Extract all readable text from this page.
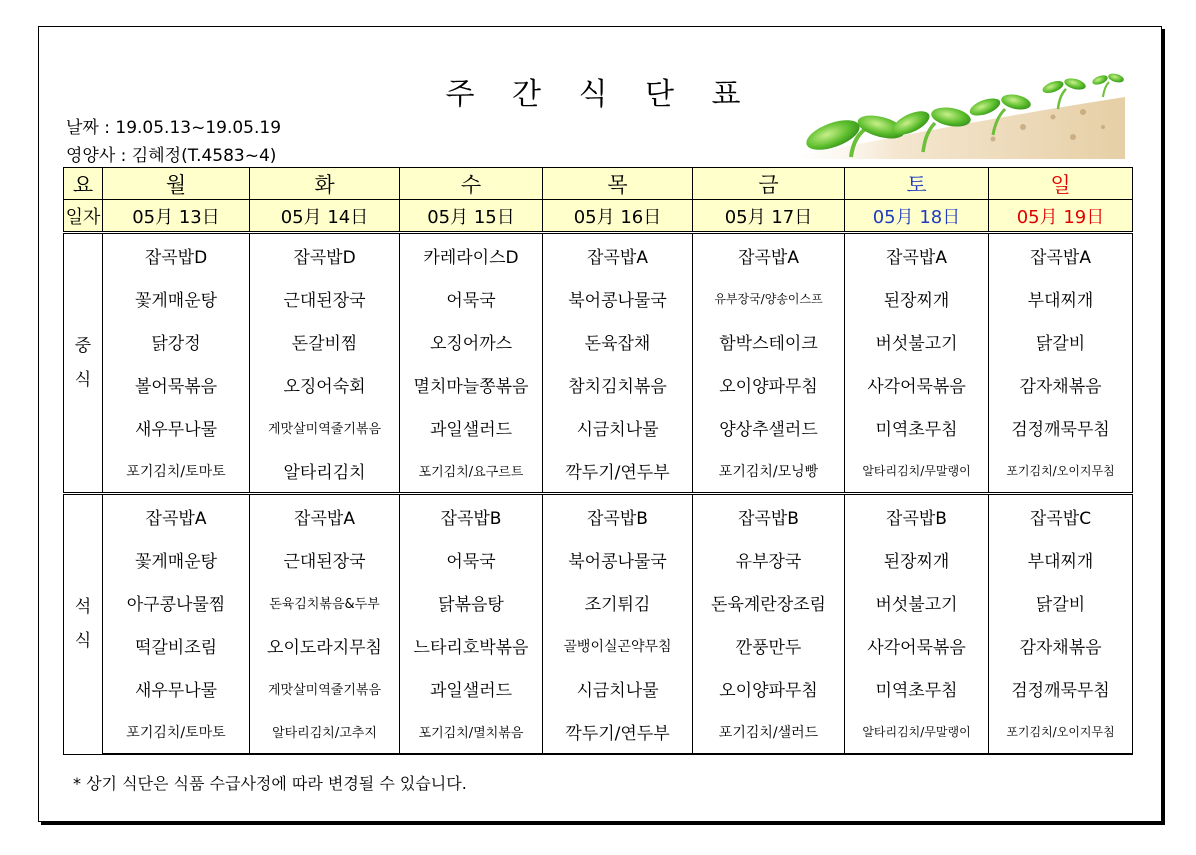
주 간 식 단 표
날짜 : 19.05.13~19.05.19
영양사 : 김혜정(T.4583~4)
요	월	화	수	목	금	토	일
일자	05月 13日	05月 14日	05月 15日	05月 16日	05月 17日	05月 18日	05月 19日
중
식	잡곡밥D	잡곡밥D	카레라이스D	잡곡밥A	잡곡밥A	잡곡밥A	잡곡밥A
	꽃게매운탕	근대된장국	어묵국	북어콩나물국	유부장국/양송이스프	된장찌개	부대찌개
	닭강정	돈갈비찜	오징어까스	돈육잡채	함박스테이크	버섯불고기	닭갈비
	볼어묵볶음	오징어숙회	멸치마늘쫑볶음	참치김치볶음	오이양파무침	사각어묵볶음	감자채볶음
	새우무나물	게맛살미역줄기볶음	과일샐러드	시금치나물	양상추샐러드	미역초무침	검정깨묵무침
	포기김치/토마토	알타리김치	포기김치/요구르트	깍두기/연두부	포기김치/모닝빵	알타리김치/무말랭이	포기김치/오이지무침
석
식	잡곡밥A	잡곡밥A	잡곡밥B	잡곡밥B	잡곡밥B	잡곡밥B	잡곡밥C
	꽃게매운탕	근대된장국	어묵국	북어콩나물국	유부장국	된장찌개	부대찌개
	아구콩나물찜	돈육김치볶음&두부	닭볶음탕	조기튀김	돈육계란장조림	버섯불고기	닭갈비
	떡갈비조림	오이도라지무침	느타리호박볶음	골뱅이실곤약무침	깐풍만두	사각어묵볶음	감자채볶음
	새우무나물	게맛살미역줄기볶음	과일샐러드	시금치나물	오이양파무침	미역초무침	검정깨묵무침
	포기김치/토마토	알타리김치/고추지	포기김치/멸치볶음	깍두기/연두부	포기김치/샐러드	알타리김치/무말랭이	포기김치/오이지무침
* 상기 식단은 식품 수급사정에 따라 변경될 수 있습니다.
